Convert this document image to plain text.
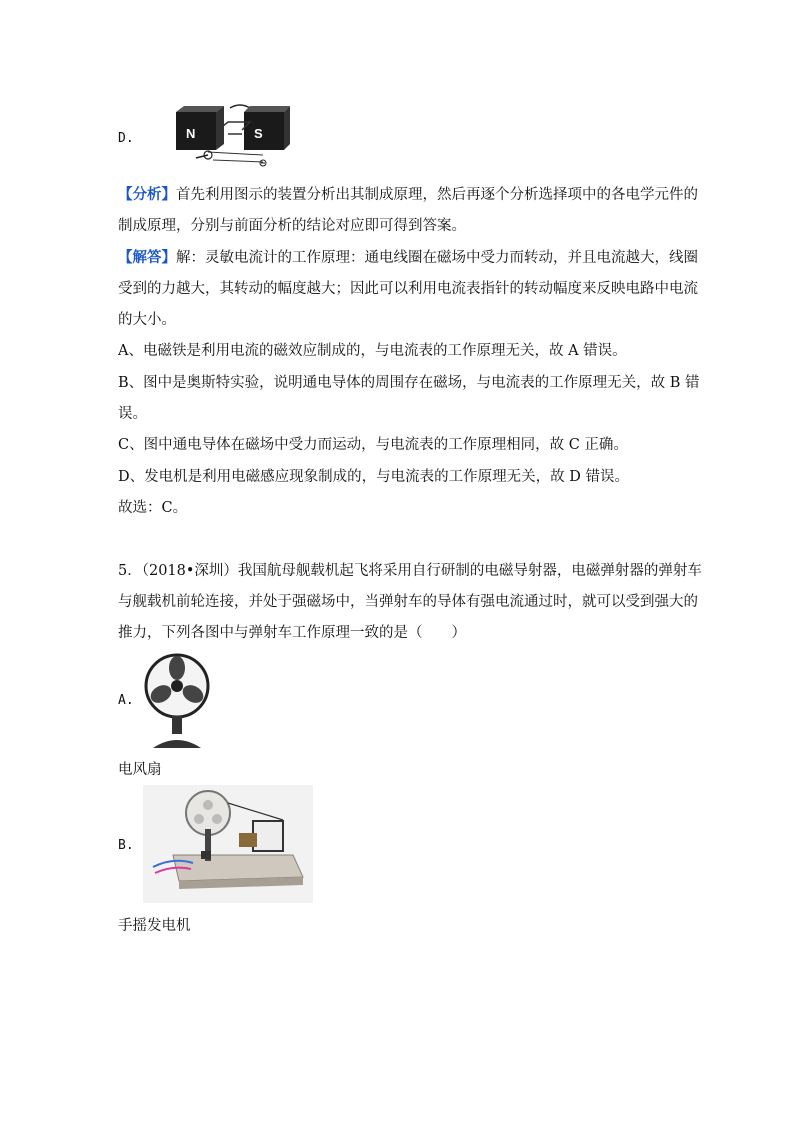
D.	N	S
【分析】首先利用图示的装置分析出其制成原理，然后再逐个分析选择项中的各电学元件的
制成原理，分别与前面分析的结论对应即可得到答案。
【解答】解：灵敏电流计的工作原理：通电线圈在磁场中受力而转动，并且电流越大，线圈
受到的力越大，其转动的幅度越大；因此可以利用电流表指针的转动幅度来反映电路中电流
的大小。
A、电磁铁是利用电流的磁效应制成的，与电流表的工作原理无关，故 A 错误。
B、图中是奥斯特实验，说明通电导体的周围存在磁场，与电流表的工作原理无关，故 B 错
误。
C、图中通电导体在磁场中受力而运动，与电流表的工作原理相同，故 C 正确。
D、发电机是利用电磁感应现象制成的，与电流表的工作原理无关，故 D 错误。
故选：C。
5．（2018•深圳）我国航母舰载机起飞将采用自行研制的电磁导射器，电磁弹射器的弹射车
与舰载机前轮连接，并处于强磁场中，当弹射车的导体有强电流通过时，就可以受到强大的
推力，下列各图中与弹射车工作原理一致的是（　　）
A.
电风扇
B.
手摇发电机
